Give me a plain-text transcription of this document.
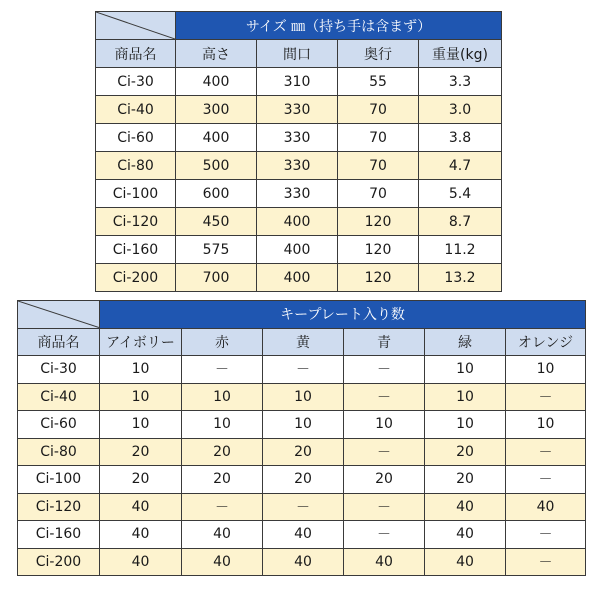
	サイズ ㎜（持ち手は含まず）			
商品名	高さ	間口	奥行	重量(kg)
Ci-30	400	310	55	3.3
Ci-40	300	330	70	3.0
Ci-60	400	330	70	3.8
Ci-80	500	330	70	4.7
Ci-100	600	330	70	5.4
Ci-120	450	400	120	8.7
Ci-160	575	400	120	11.2
Ci-200	700	400	120	13.2
	キープレート入り数					
商品名	アイボリー	赤	黄	青	緑	オレンジ
Ci-30	10	－	－	－	10	10
Ci-40	10	10	10	－	10	－
Ci-60	10	10	10	10	10	10
Ci-80	20	20	20	－	20	－
Ci-100	20	20	20	20	20	－
Ci-120	40	－	－	－	40	40
Ci-160	40	40	40	－	40	－
Ci-200	40	40	40	40	40	－
